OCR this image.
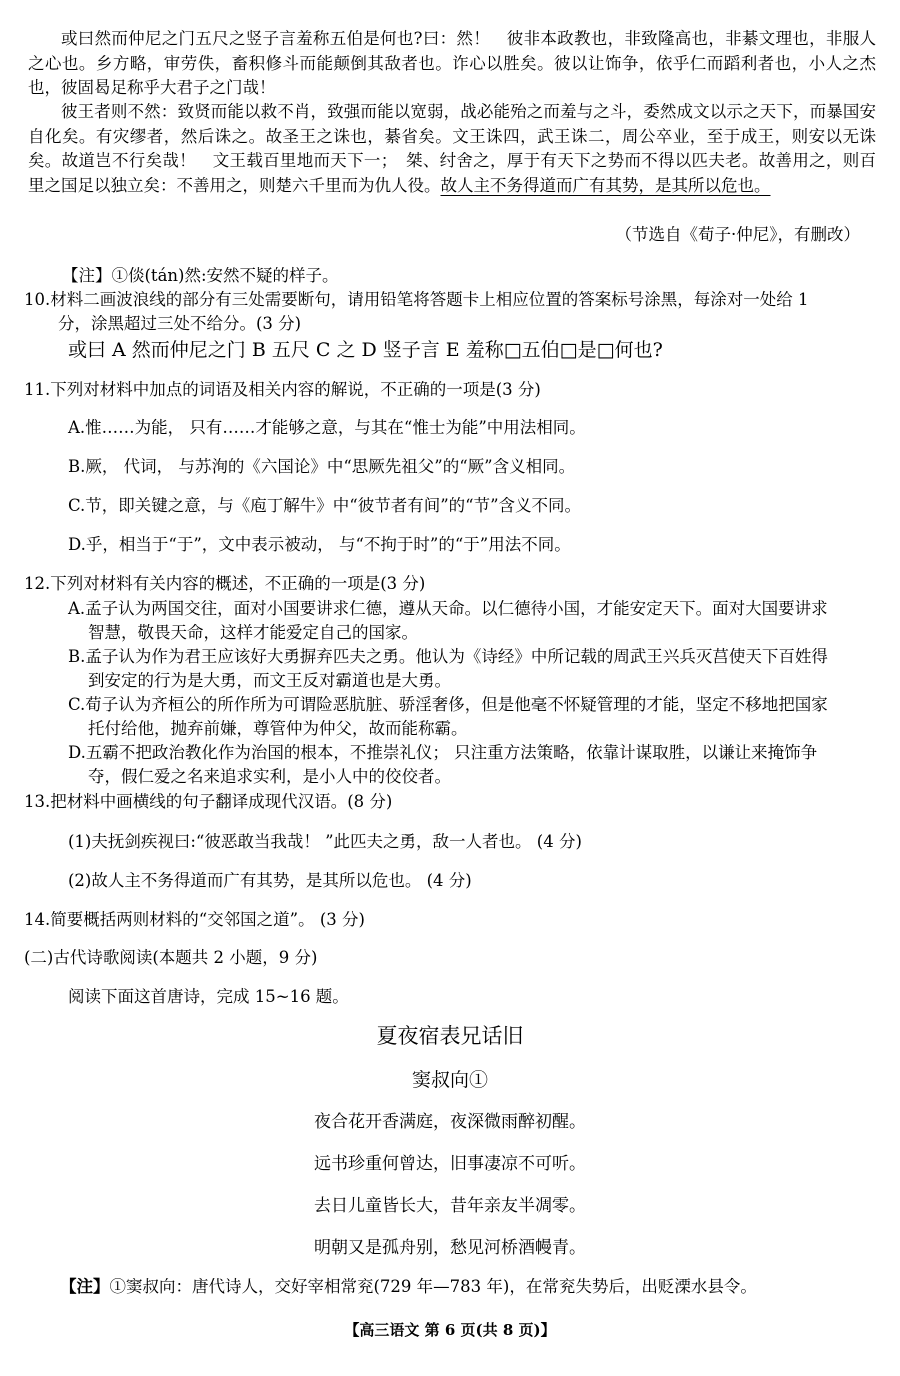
或曰然而仲尼之门五尺之竖子言羞称五伯是何也?曰：然！　彼非本政教也，非致隆高也，非綦文理也，非服人之心也。乡方略，审劳佚，畜积修斗而能颠倒其敌者也。诈心以胜矣。彼以让饰争，依乎仁而蹈利者也，小人之杰也，彼固曷足称乎大君子之门哉！
彼王者则不然：致贤而能以救不肖，致强而能以宽弱，战必能殆之而羞与之斗，委然成文以示之天下，而暴国安自化矣。有灾缪者，然后诛之。故圣王之诛也，綦省矣。文王诛四，武王诛二，周公卒业，至于成王，则安以无诛矣。故道岂不行矣哉！　文王载百里地而天下一；　桀、纣舍之，厚于有天下之势而不得以匹夫老。故善用之，则百里之国足以独立矣：不善用之，则楚六千里而为仇人役。故人主不务得道而广有其势，是其所以危也。
（节选自《荀子·仲尼》，有删改）
【注】①倓(tán)然:安然不疑的样子。
10.材料二画波浪线的部分有三处需要断句，请用铅笔将答题卡上相应位置的答案标号涂黑，每涂对一处给 1
分，涂黑超过三处不给分。(3 分)
或曰 A 然而仲尼之门 B 五尺 C 之 D 竖子言 E 羞称□五伯□是□何也?
11.下列对材料中加点的词语及相关内容的解说，不正确的一项是(3 分)
A.惟……为能， 只有……才能够之意，与其在“惟士为能”中用法相同。
B.厥， 代词， 与苏洵的《六国论》中“思厥先祖父”的“厥”含义相同。
C.节，即关键之意，与《庖丁解牛》中“彼节者有间”的“节”含义不同。
D.乎，相当于“于”，文中表示被动， 与“不拘于时”的“于”用法不同。
12.下列对材料有关内容的概述，不正确的一项是(3 分)
A.孟子认为两国交往，面对小国要讲求仁德，遵从天命。以仁德待小国，才能安定天下。面对大国要讲求
智慧，敬畏天命，这样才能爱定自己的国家。
B.孟子认为作为君王应该好大勇摒弃匹夫之勇。他认为《诗经》中所记载的周武王兴兵灭莒使天下百姓得
到安定的行为是大勇，而文王反对霸道也是大勇。
C.荀子认为齐桓公的所作所为可谓险恶肮脏、骄淫奢侈，但是他毫不怀疑管理的才能，坚定不移地把国家
托付给他，抛弃前嫌，尊管仲为仲父，故而能称霸。
D.五霸不把政治教化作为治国的根本，不推崇礼仪； 只注重方法策略，依靠计谋取胜，以谦让来掩饰争
夺，假仁爱之名来追求实利，是小人中的佼佼者。
13.把材料中画横线的句子翻译成现代汉语。(8 分)
(1)夫抚剑疾视曰:“彼恶敢当我哉！ ”此匹夫之勇，敌一人者也。 (4 分)
(2)故人主不务得道而广有其势，是其所以危也。 (4 分)
14.简要概括两则材料的“交邻国之道”。 (3 分)
(二)古代诗歌阅读(本题共 2 小题，9 分)
阅读下面这首唐诗，完成 15~16 题。
夏夜宿表兄话旧
窦叔向①
夜合花开香满庭，夜深微雨醉初醒。
远书珍重何曾达，旧事凄凉不可听。
去日儿童皆长大，昔年亲友半凋零。
明朝又是孤舟别，愁见河桥酒幔青。
【注】①窦叔向：唐代诗人，交好宰相常兖(729 年—783 年)，在常兖失势后，出贬溧水县令。
【高三语文 第 6 页(共 8 页)】
